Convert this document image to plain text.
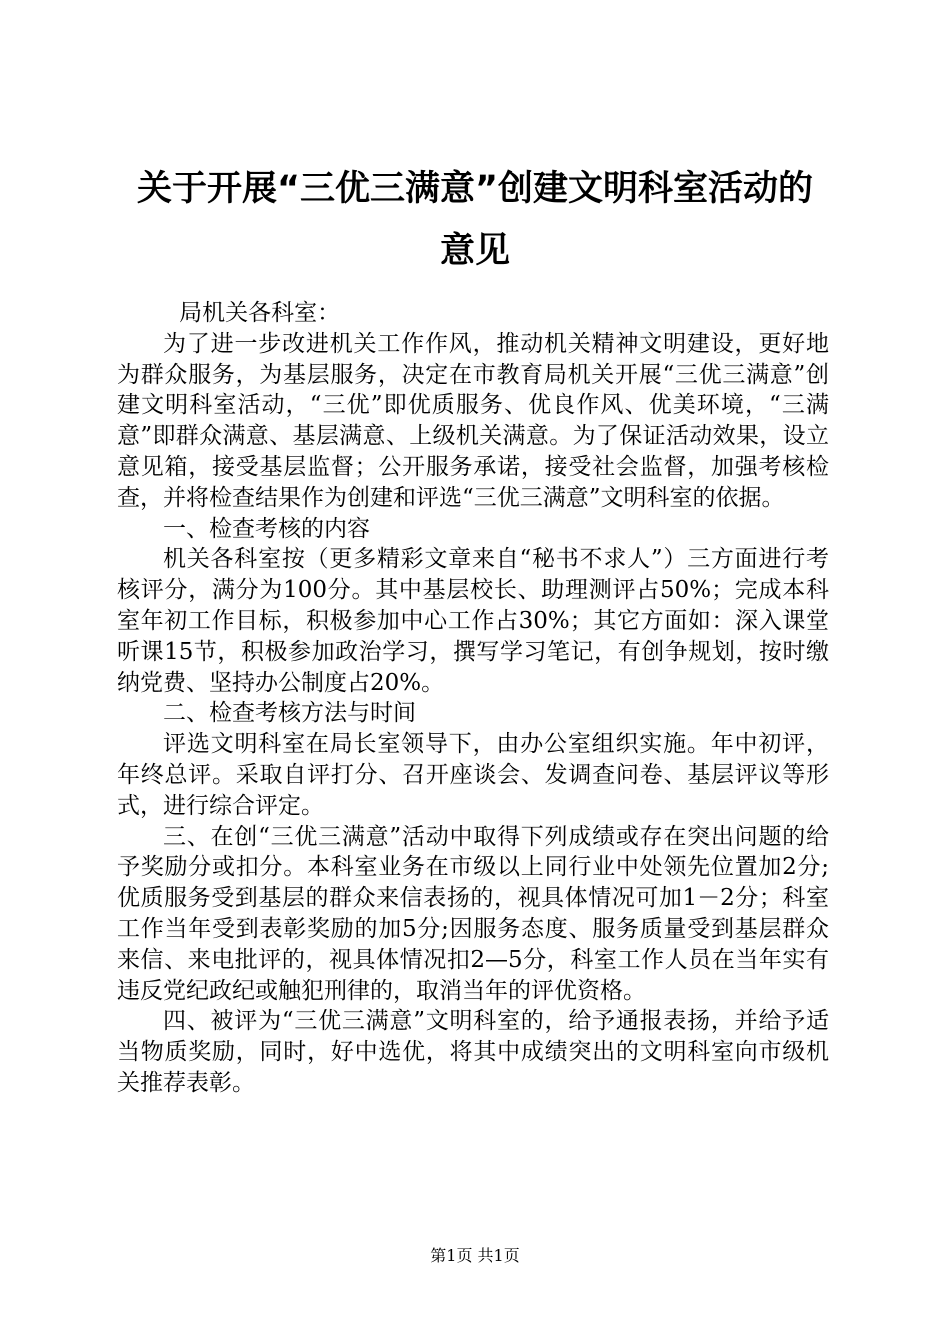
关于开展“三优三满意”创建文明科室活动的
意见

局机关各科室：

为了进一步改进机关工作作风，推动机关精神文明建设，更好地为群众服务，为基层服务，决定在市教育局机关开展“三优三满意”创建文明科室活动，“三优”即优质服务、优良作风、优美环境，“三满意”即群众满意、基层满意、上级机关满意。为了保证活动效果，设立意见箱，接受基层监督；公开服务承诺，接受社会监督，加强考核检查，并将检查结果作为创建和评选“三优三满意”文明科室的依据。

一、检查考核的内容

机关各科室按（更多精彩文章来自“秘书不求人”）三方面进行考核评分，满分为100分。其中基层校长、助理测评占50%；完成本科室年初工作目标，积极参加中心工作占30%；其它方面如：深入课堂听课15节，积极参加政治学习，撰写学习笔记，有创争规划，按时缴纳党费、坚持办公制度占20%。

二、检查考核方法与时间

评选文明科室在局长室领导下，由办公室组织实施。年中初评，年终总评。采取自评打分、召开座谈会、发调查问卷、基层评议等形式，进行综合评定。

三、在创“三优三满意”活动中取得下列成绩或存在突出问题的给予奖励分或扣分。本科室业务在市级以上同行业中处领先位置加2分;优质服务受到基层的群众来信表扬的，视具体情况可加1－2分；科室工作当年受到表彰奖励的加5分;因服务态度、服务质量受到基层群众来信、来电批评的，视具体情况扣2—5分，科室工作人员在当年实有违反党纪政纪或触犯刑律的，取消当年的评优资格。

四、被评为“三优三满意”文明科室的，给予通报表扬，并给予适当物质奖励，同时，好中选优，将其中成绩突出的文明科室向市级机关推荐表彰。

第1页 共1页
